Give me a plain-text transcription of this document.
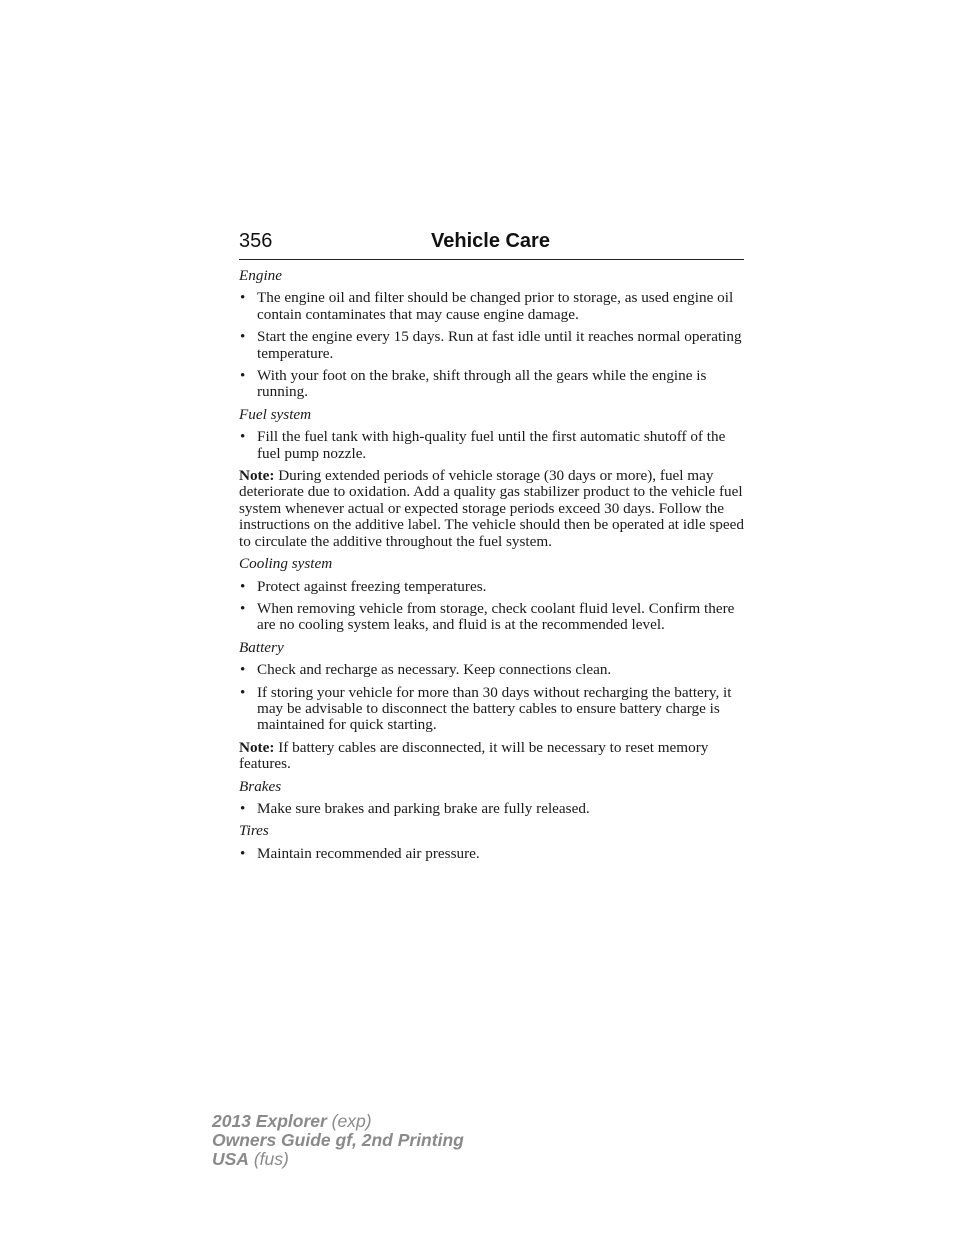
356	Vehicle Care
Engine
• The engine oil and filter should be changed prior to storage, as used engine oil contain contaminates that may cause engine damage.
• Start the engine every 15 days. Run at fast idle until it reaches normal operating temperature.
• With your foot on the brake, shift through all the gears while the engine is running.
Fuel system
• Fill the fuel tank with high-quality fuel until the first automatic shutoff of the fuel pump nozzle.

Note: During extended periods of vehicle storage (30 days or more), fuel may deteriorate due to oxidation. Add a quality gas stabilizer product to the vehicle fuel system whenever actual or expected storage periods exceed 30 days. Follow the instructions on the additive label. The vehicle should then be operated at idle speed to circulate the additive throughout the fuel system.

Cooling system
• Protect against freezing temperatures.
• When removing vehicle from storage, check coolant fluid level. Confirm there are no cooling system leaks, and fluid is at the recommended level.
Battery
• Check and recharge as necessary. Keep connections clean.
• If storing your vehicle for more than 30 days without recharging the battery, it may be advisable to disconnect the battery cables to ensure battery charge is maintained for quick starting.

Note: If battery cables are disconnected, it will be necessary to reset memory features.

Brakes
• Make sure brakes and parking brake are fully released.
Tires
• Maintain recommended air pressure.
2013 Explorer (exp)
Owners Guide gf, 2nd Printing
USA (fus)
